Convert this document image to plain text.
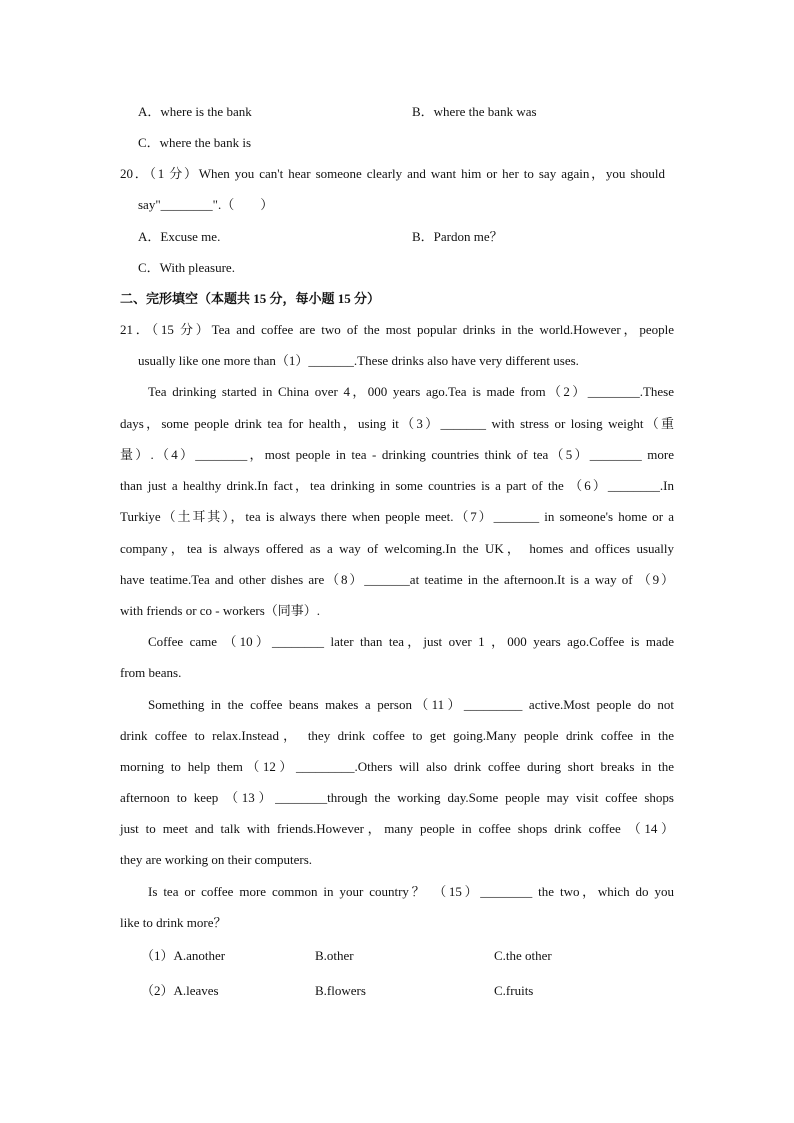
A．where is the bank	B．where the bank was
C．where the bank is
20．（1 分）When you can't hear someone clearly and want him or her to say again，you should
say"________".（　　）
A．Excuse me.	B．Pardon me？
C．With pleasure.
二、完形填空（本题共 15 分，每小题 15 分）
21．（15 分）Tea and coffee are two of the most popular drinks in the world.However，people
usually like one more than（1）_______.These drinks also have very different uses.
Tea drinking started in China over 4，000 years ago.Tea is made from（2）________.These
days，some people drink tea for health，using it（3）_______ with stress or losing weight（重
量）.（4）________，most people in tea - drinking countries think of tea（5）________ more
than just a healthy drink.In fact，tea drinking in some countries is a part of the （6）________.In
Turkiye（土耳其），tea is always there when people meet.（7）_______ in someone's home or a
company，tea is always offered as a way of welcoming.In the UK， homes and offices usually
have teatime.Tea and other dishes are（8）_______at teatime in the afternoon.It is a way of （9）
with friends or co - workers（同事）.
Coffee came （10）________ later than tea，just over 1 ，000 years ago.Coffee is made
from beans.
Something in the coffee beans makes a person（11）_________ active.Most people do not
drink coffee to relax.Instead， they drink coffee to get going.Many people drink coffee in the
morning to help them（12）_________.Others will also drink coffee during short breaks in the
afternoon to keep （13）________through the working day.Some people may visit coffee shops
just to meet and talk with friends.However，many people in coffee shops drink coffee （14）
they are working on their computers.
Is tea or coffee more common in your country？ （15）________ the two，which do you
like to drink more？
（1）A.another	B.other	C.the other
（2）A.leaves	B.flowers	C.fruits
